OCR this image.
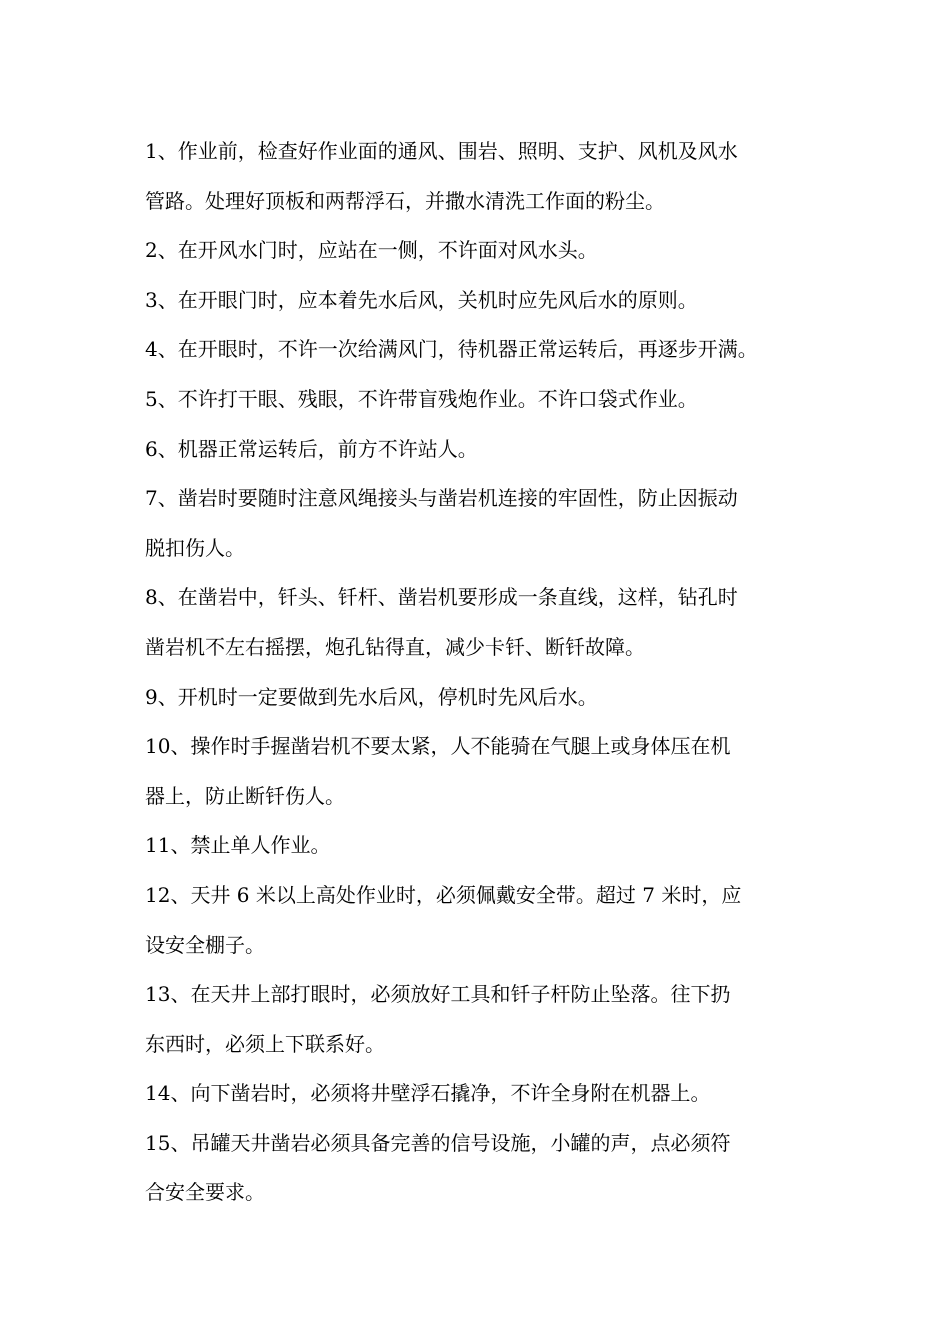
1、作业前，检查好作业面的通风、围岩、照明、支护、风机及风水
管路。处理好顶板和两帮浮石，并撒水清洗工作面的粉尘。
2、在开风水门时，应站在一侧，不许面对风水头。
3、在开眼门时，应本着先水后风，关机时应先风后水的原则。
4、在开眼时，不许一次给满风门，待机器正常运转后，再逐步开满。
5、不许打干眼、残眼，不许带盲残炮作业。不许口袋式作业。
6、机器正常运转后，前方不许站人。
7、凿岩时要随时注意风绳接头与凿岩机连接的牢固性，防止因振动
脱扣伤人。
8、在凿岩中，钎头、钎杆、凿岩机要形成一条直线，这样，钻孔时
凿岩机不左右摇摆，炮孔钻得直，减少卡钎、断钎故障。
9、开机时一定要做到先水后风，停机时先风后水。
10、操作时手握凿岩机不要太紧，人不能骑在气腿上或身体压在机
器上，防止断钎伤人。
11、禁止单人作业。
12、天井 6 米以上高处作业时，必须佩戴安全带。超过 7 米时，应
设安全棚子。
13、在天井上部打眼时，必须放好工具和钎子杆防止坠落。往下扔
东西时，必须上下联系好。
14、向下凿岩时，必须将井壁浮石撬净，不许全身附在机器上。
15、吊罐天井凿岩必须具备完善的信号设施，小罐的声，点必须符
合安全要求。
